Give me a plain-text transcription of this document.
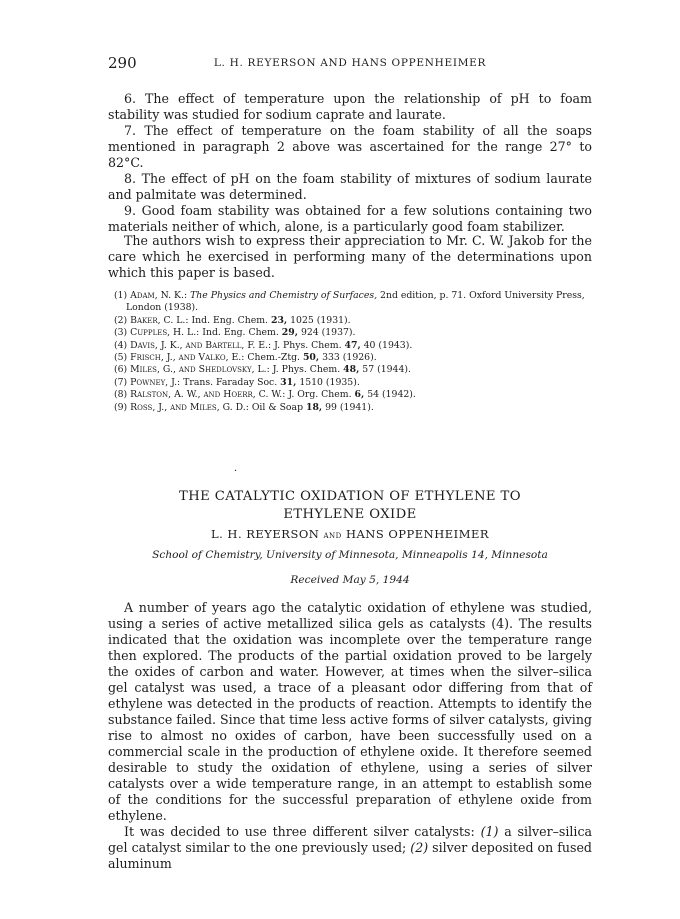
290	L. H. REYERSON AND HANS OPPENHEIMER

6. The effect of temperature upon the relationship of pH to foam stability was studied for sodium caprate and laurate.

7. The effect of temperature on the foam stability of all the soaps mentioned in paragraph 2 above was ascertained for the range 27° to 82°C.

8. The effect of pH on the foam stability of mixtures of sodium laurate and palmitate was determined.

9. Good foam stability was obtained for a few solutions containing two materials neither of which, alone, is a particularly good foam stabilizer.

The authors wish to express their appreciation to Mr. C. W. Jakob for the care which he exercised in performing many of the determinations upon which this paper is based.

(1) Adam, N. K.: The Physics and Chemistry of Surfaces, 2nd edition, p. 71. Oxford University Press, London (1938).

(2) Baker, C. L.: Ind. Eng. Chem. 23, 1025 (1931).

(3) Cupples, H. L.: Ind. Eng. Chem. 29, 924 (1937).

(4) Davis, J. K., and Bartell, F. E.: J. Phys. Chem. 47, 40 (1943).

(5) Frisch, J., and Valko, E.: Chem.-Ztg. 50, 333 (1926).

(6) Miles, G., and Shedlovsky, L.: J. Phys. Chem. 48, 57 (1944).

(7) Powney, J.: Trans. Faraday Soc. 31, 1510 (1935).

(8) Ralston, A. W., and Hoerr, C. W.: J. Org. Chem. 6, 54 (1942).

(9) Ross, J., and Miles, G. D.: Oil & Soap 18, 99 (1941).

·
THE CATALYTIC OXIDATION OF ETHYLENE TO
ETHYLENE OXIDE
L. H. REYERSON and HANS OPPENHEIMER
School of Chemistry, University of Minnesota, Minneapolis 14, Minnesota
Received May 5, 1944

A number of years ago the catalytic oxidation of ethylene was studied, using a series of active metallized silica gels as catalysts (4). The results indicated that the oxidation was incomplete over the temperature range then explored. The products of the partial oxidation proved to be largely the oxides of carbon and water. However, at times when the silver–silica gel catalyst was used, a trace of a pleasant odor differing from that of ethylene was detected in the products of reaction. Attempts to identify the substance failed. Since that time less active forms of silver catalysts, giving rise to almost no oxides of carbon, have been successfully used on a commercial scale in the production of ethylene oxide. It therefore seemed desirable to study the oxidation of ethylene, using a series of silver catalysts over a wide temperature range, in an attempt to establish some of the conditions for the successful preparation of ethylene oxide from ethylene.

It was decided to use three different silver catalysts: (1) a silver–silica gel catalyst similar to the one previously used; (2) silver deposited on fused aluminum
